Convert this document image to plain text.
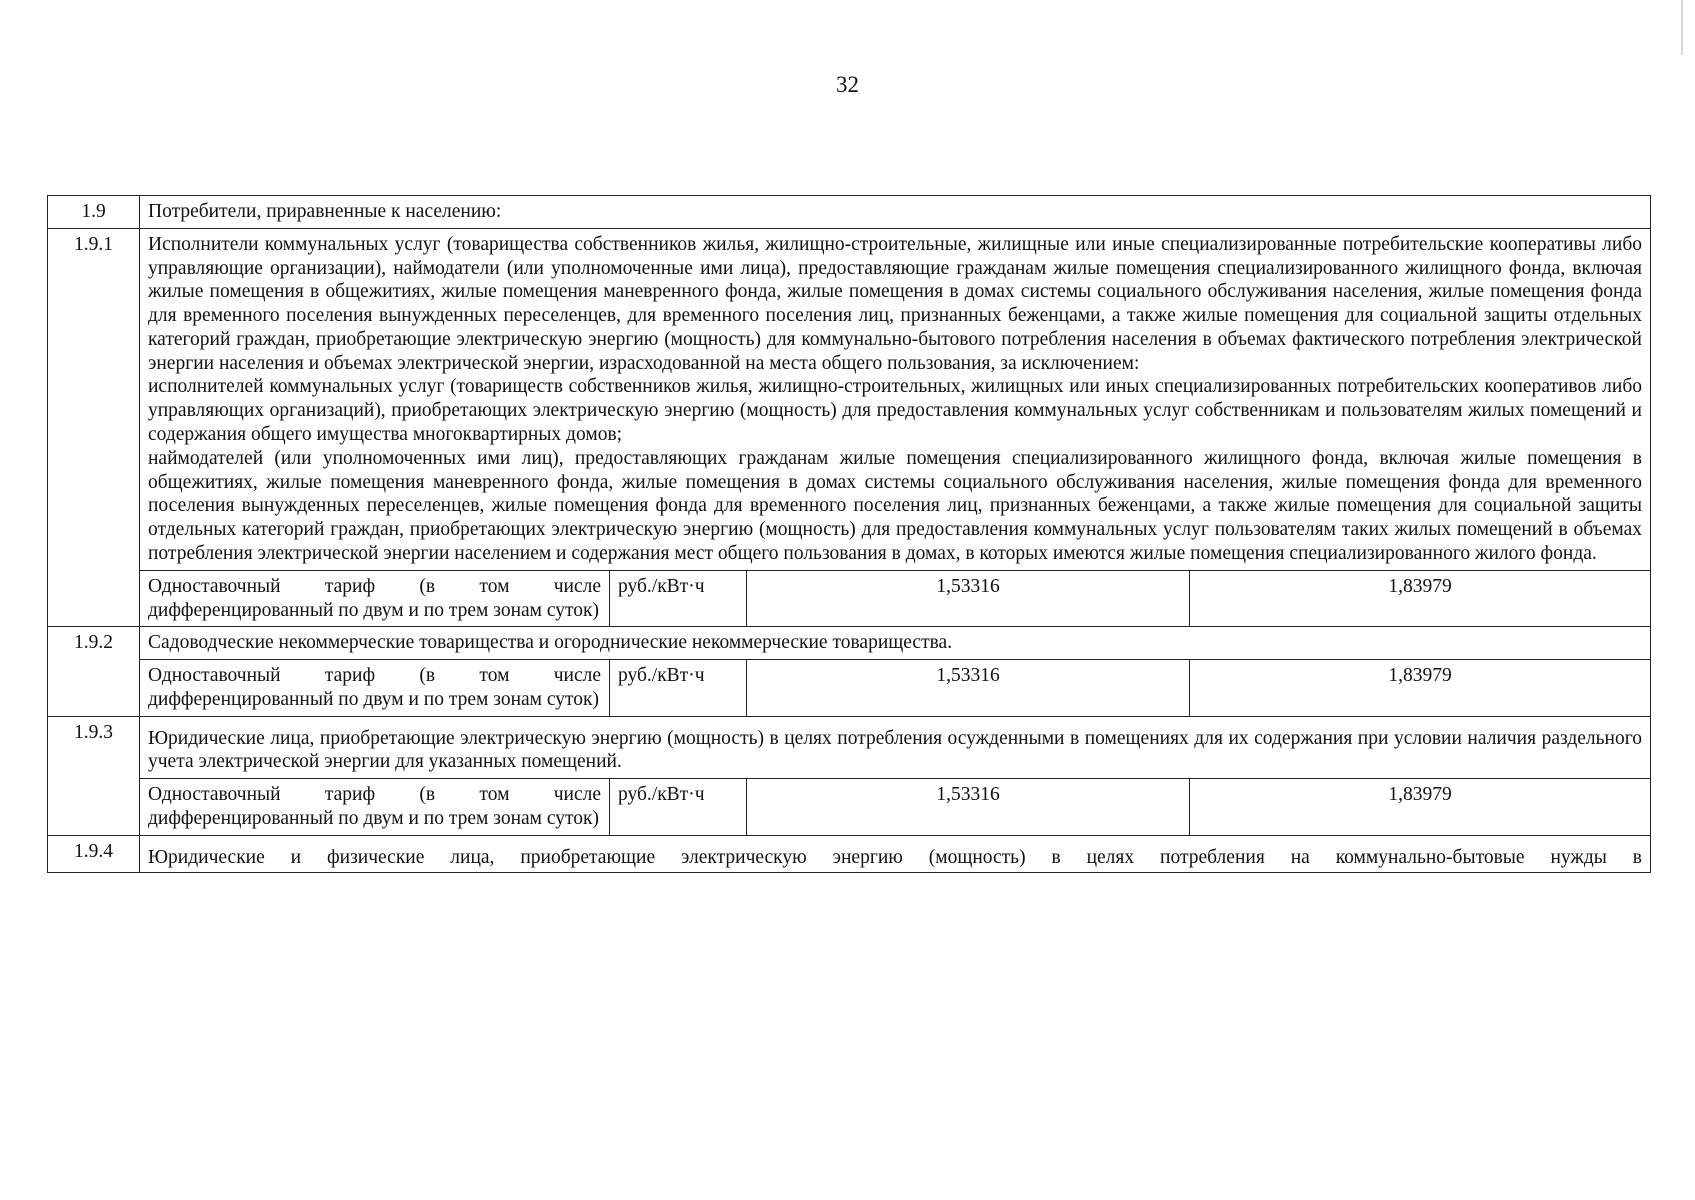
32
1.9	Потребители, приравненные к населению:			
1.9.1	Исполнители коммунальных услуг (товарищества собственников жилья, жилищно-строительные, жилищные или иные специализированные потребительские кооперативы либо управляющие организации), наймодатели (или уполномоченные ими лица), предоставляющие гражданам жилые помещения специализированного жилищного фонда, включая жилые помещения в общежитиях, жилые помещения маневренного фонда, жилые помещения в домах системы социального обслуживания населения, жилые помещения фонда для временного поселения вынужденных переселенцев, для временного поселения лиц, признанных беженцами, а также жилые помещения для социальной защиты отдельных категорий граждан, приобретающие электрическую энергию (мощность) для коммунально-бытового потребления населения в объемах фактического потребления электрической энергии населения и объемах электрической энергии, израсходованной на места общего пользования, за исключением:

исполнителей коммунальных услуг (товариществ собственников жилья, жилищно-строительных, жилищных или иных специализированных потребительских кооперативов либо управляющих организаций), приобретающих электрическую энергию (мощность) для предоставления коммунальных услуг собственникам и пользователям жилых помещений и содержания общего имущества многоквартирных домов;

наймодателей (или уполномоченных ими лиц), предоставляющих гражданам жилые помещения специализированного жилищного фонда, включая жилые помещения в общежитиях, жилые помещения маневренного фонда, жилые помещения в домах системы социального обслуживания населения, жилые помещения фонда для временного поселения вынужденных переселенцев, жилые помещения фонда для временного поселения лиц, признанных беженцами, а также жилые помещения для социальной защиты отдельных категорий граждан, приобретающих электрическую энергию (мощность) для предоставления коммунальных услуг пользователям таких жилых помещений в объемах потребления электрической энергии населением и содержания мест общего пользования в домах, в которых имеются жилые помещения специализированного жилого фонда.			

	Одноставочный тариф (в том числе дифференцированный по двум и по трем зонам суток)	руб./кВт·ч	1,53316	1,83979
1.9.2	Садоводческие некоммерческие товарищества и огороднические некоммерческие товарищества.			

	Одноставочный тариф (в том числе дифференцированный по двум и по трем зонам суток)	руб./кВт·ч	1,53316	1,83979
1.9.3	Юридические лица, приобретающие электрическую энергию (мощность) в целях потребления осужденными в помещениях для их содержания при условии наличия раздельного учета электрической энергии для указанных помещений.			

	Одноставочный тариф (в том числе дифференцированный по двум и по трем зонам суток)	руб./кВт·ч	1,53316	1,83979
1.9.4	Юридические и физические лица, приобретающие электрическую энергию (мощность) в целях потребления на коммунально-бытовые нужды в			
